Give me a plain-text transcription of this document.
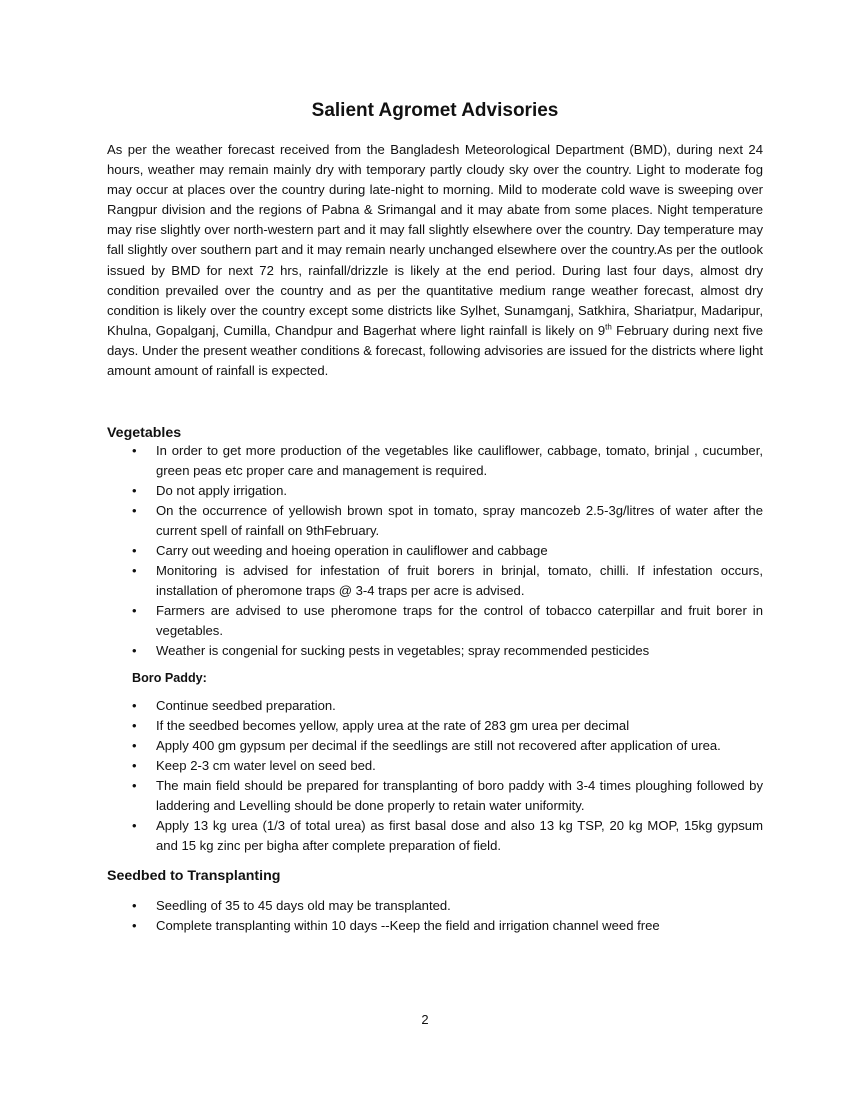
Salient Agromet Advisories

As per the weather forecast received from the Bangladesh Meteorological Department (BMD), during next 24 hours, weather may remain mainly dry with temporary partly cloudy sky over the country. Light to moderate fog may occur at places over the country during late-night to morning. Mild to moderate cold wave is sweeping over Rangpur division and the regions of Pabna & Srimangal and it may abate from some places. Night temperature may rise slightly over north-western part and it may fall slightly elsewhere over the country. Day temperature may fall slightly over southern part and it may remain nearly unchanged elsewhere over the country.As per the outlook issued by BMD for next 72 hrs, rainfall/drizzle is likely at the end period. During last four days, almost dry condition prevailed over the country and as per the quantitative medium range weather forecast, almost dry condition is likely over the country except some districts like Sylhet, Sunamganj, Satkhira, Shariatpur, Madaripur, Khulna, Gopalganj, Cumilla, Chandpur and Bagerhat where light rainfall is likely on 9th February during next five days. Under the present weather conditions & forecast, following advisories are issued for the districts where light amount amount of rainfall is expected.

Vegetables
• In order to get more production of the vegetables like cauliflower, cabbage, tomato, brinjal , cucumber, green peas etc proper care and management is required.
• Do not apply irrigation.
• On the occurrence of yellowish brown spot in tomato, spray mancozeb 2.5-3g/litres of water after the current spell of rainfall on 9thFebruary.
• Carry out weeding and hoeing operation in cauliflower and cabbage
• Monitoring is advised for infestation of fruit borers in brinjal, tomato, chilli. If infestation occurs, installation of pheromone traps @ 3-4 traps per acre is advised.
• Farmers are advised to use pheromone traps for the control of tobacco caterpillar and fruit borer in vegetables.
• Weather is congenial for sucking pests in vegetables; spray recommended pesticides
Boro Paddy:
• Continue seedbed preparation.
• If the seedbed becomes yellow, apply urea at the rate of 283 gm urea per decimal
• Apply 400 gm gypsum per decimal if the seedlings are still not recovered after application of urea.
• Keep 2-3 cm water level on seed bed.
• The main field should be prepared for transplanting of boro paddy with 3-4 times ploughing followed by laddering and Levelling should be done properly to retain water uniformity.
• Apply 13 kg urea (1/3 of total urea) as first basal dose and also 13 kg TSP, 20 kg MOP, 15kg gypsum and 15 kg zinc per bigha after complete preparation of field.
Seedbed to Transplanting
• Seedling of 35 to 45 days old may be transplanted.
• Complete transplanting within 10 days --Keep the field and irrigation channel weed free
2
